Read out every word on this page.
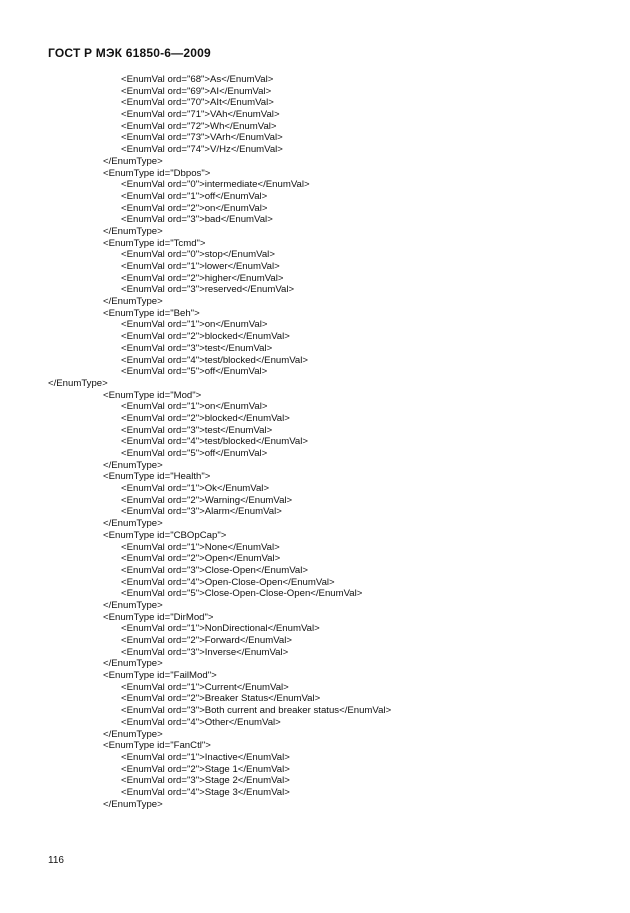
ГОСТ Р МЭК 61850-6—2009
<EnumVal ord="68">As</EnumVal>
<EnumVal ord="69">AI</EnumVal>
<EnumVal ord="70">AIt</EnumVal>
<EnumVal ord="71">VAh</EnumVal>
<EnumVal ord="72">Wh</EnumVal>
<EnumVal ord="73">VArh</EnumVal>
<EnumVal ord="74">V/Hz</EnumVal>
</EnumType>
<EnumType id="Dbpos">
<EnumVal ord="0">intermediate</EnumVal>
<EnumVal ord="1">off</EnumVal>
<EnumVal ord="2">on</EnumVal>
<EnumVal ord="3">bad</EnumVal>
</EnumType>
<EnumType id="Tcmd">
<EnumVal ord="0">stop</EnumVal>
<EnumVal ord="1">lower</EnumVal>
<EnumVal ord="2">higher</EnumVal>
<EnumVal ord="3">reserved</EnumVal>
</EnumType>
<EnumType id="Beh">
<EnumVal ord="1">on</EnumVal>
<EnumVal ord="2">blocked</EnumVal>
<EnumVal ord="3">test</EnumVal>
<EnumVal ord="4">test/blocked</EnumVal>
<EnumVal ord="5">off</EnumVal>
</EnumType>
<EnumType id="Mod">
<EnumVal ord="1">on</EnumVal>
<EnumVal ord="2">blocked</EnumVal>
<EnumVal ord="3">test</EnumVal>
<EnumVal ord="4">test/blocked</EnumVal>
<EnumVal ord="5">off</EnumVal>
</EnumType>
<EnumType id="Health">
<EnumVal ord="1">Ok</EnumVal>
<EnumVal ord="2">Warning</EnumVal>
<EnumVal ord="3">Alarm</EnumVal>
</EnumType>
<EnumType id="CBOpCap">
<EnumVal ord="1">None</EnumVal>
<EnumVal ord="2">Open</EnumVal>
<EnumVal ord="3">Close-Open</EnumVal>
<EnumVal ord="4">Open-Close-Open</EnumVal>
<EnumVal ord="5">Close-Open-Close-Open</EnumVal>
</EnumType>
<EnumType id="DirMod">
<EnumVal ord="1">NonDirectional</EnumVal>
<EnumVal ord="2">Forward</EnumVal>
<EnumVal ord="3">Inverse</EnumVal>
</EnumType>
<EnumType id="FailMod">
<EnumVal ord="1">Current</EnumVal>
<EnumVal ord="2">Breaker Status</EnumVal>
<EnumVal ord="3">Both current and breaker status</EnumVal>
<EnumVal ord="4">Other</EnumVal>
</EnumType>
<EnumType id="FanCtl">
<EnumVal ord="1">Inactive</EnumVal>
<EnumVal ord="2">Stage 1</EnumVal>
<EnumVal ord="3">Stage 2</EnumVal>
<EnumVal ord="4">Stage 3</EnumVal>
</EnumType>
116
